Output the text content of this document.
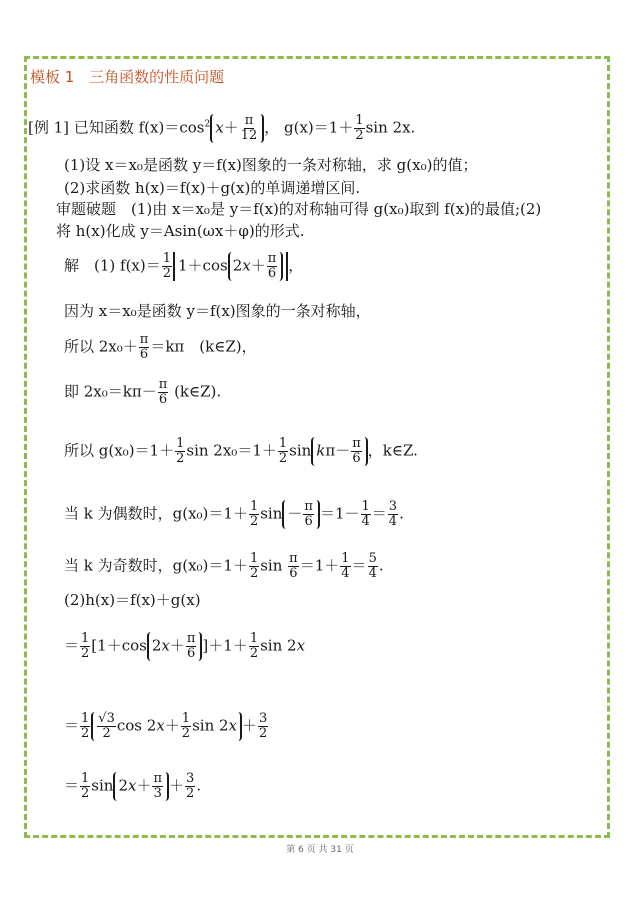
模板 1 三角函数的性质问题
[例 1] 已知函数 $f(x)=\cos^2$ $x+ \frac{\pi}{12}$ ， $g(x)=1+ \frac{1}{2}$ sin 2x.
(1)设 x＝x₀是函数 y＝f(x)图象的一条对称轴，求 g(x₀)的值；
(2)求函数 h(x)＝f(x)＋g(x)的单调递增区间.
审题破题　(1)由 x＝x₀是 y＝f(x)的对称轴可得 g(x₀)取到 f(x)的最值;(2)
将 h(x)化成 y＝Asin(ωx＋φ)的形式.
解　(1) $f(x)= \frac{1}{2} 1+\cos$ $2x+ \frac{\pi}{6}$ ，
因为 x＝x₀是函数 y＝f(x)图象的一条对称轴，
所以 $2x_0+ \frac{\pi}{6} =k\pi$　(k∈Z)，
即 $2x_0=k\pi- \frac{\pi}{6}$ (k∈Z).
所以 $g(x_0)=1+ \frac{1}{2}$ $\sin 2x_0=1+ \frac{1}{2}$ $\sin k\pi- \frac{\pi}{6}$ ，k∈Z.
当 k 为偶数时，$g(x_0)=1+ \frac{1}{2}$ $\sin - \frac{\pi}{6} =1- \frac{1}{4} = \frac{3}{4}$ .
当 k 为奇数时，$g(x_0)=1+ \frac{1}{2}$ $\sin \frac{\pi}{6} =1+ \frac{1}{4} = \frac{5}{4}$ .
(2)h(x)＝f(x)＋g(x)
＝ $\frac{1}{2} [1+\cos$ $2x+ \frac{\pi}{6} ]+1+ \frac{1}{2}$ sin 2x
＝ $\frac{1}{2} \frac{√3}{2}$ $\cos 2x+ \frac{1}{2}$ $\sin 2x + \frac{3}{2}$
＝ $\frac{1}{2}$ $\sin 2x+ \frac{\pi}{3} + \frac{3}{2}$ .
第 6 页 共 31 页
